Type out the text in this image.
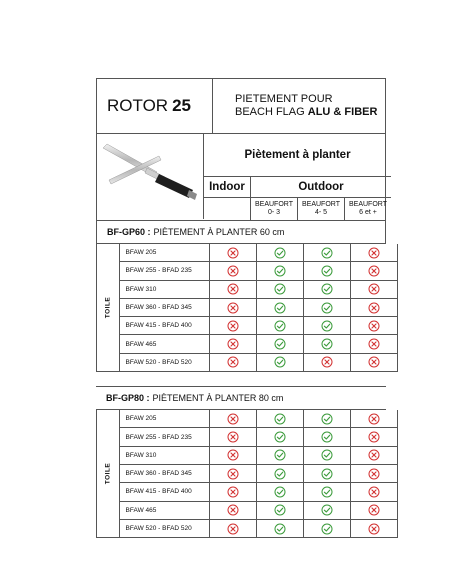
ROTOR 25	PIETEMENT POUR
BEACH FLAG ALU & FIBER
Piètement à planter
Indoor	Outdoor
BEAUFORT
0- 3
BEAUFORT
4- 5
BEAUFORT
6 et +
BF-GP60 : PIÈTEMENT À PLANTER 60 cm
TOILE
BFAW 205
BFAW 255 - BFAD 235
BFAW 310
BFAW 360 - BFAD 345
BFAW 415 - BFAD 400
BFAW 465
BFAW 520 - BFAD 520
BF-GP80 : PIÈTEMENT À PLANTER 80 cm
TOILE
BFAW 205
BFAW 255 - BFAD 235
BFAW 310
BFAW 360 - BFAD 345
BFAW 415 - BFAD 400
BFAW 465
BFAW 520 - BFAD 520
